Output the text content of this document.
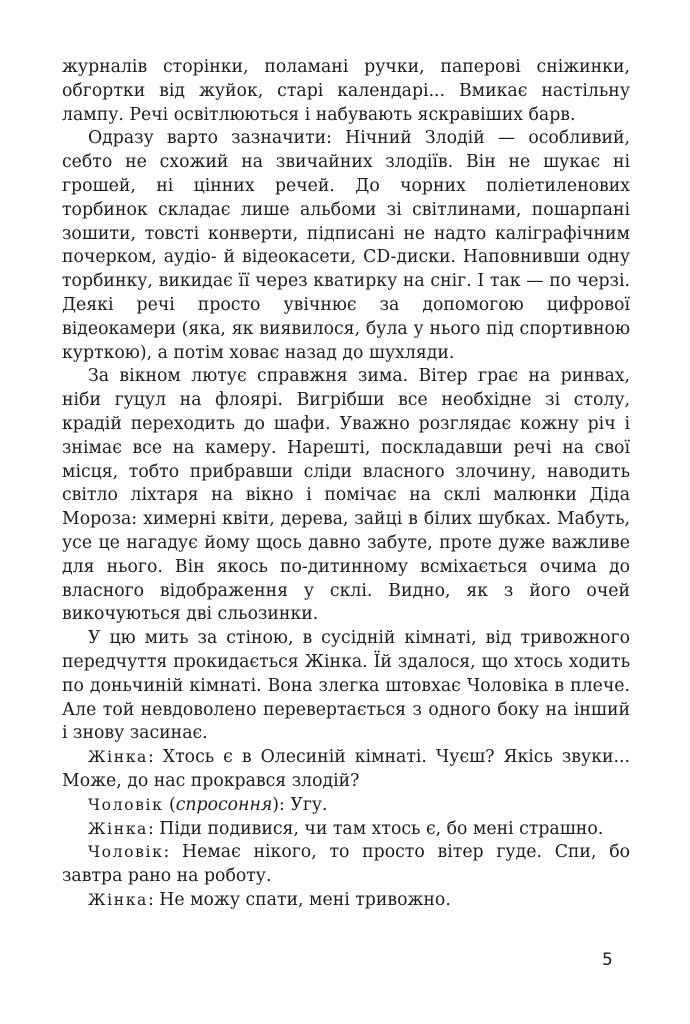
журналів сторінки, поламані ручки, паперові сніжинки, обгортки від жуйок, старі календарі... Вмикає настільну лампу. Речі освітлюються і набувають яскравіших барв.

Одразу варто зазначити: Нічний Злодій — особливий, себто не схожий на звичайних злодіїв. Він не шукає ні грошей, ні цінних речей. До чорних поліетиленових торбинок складає лише альбоми зі світлинами, пошарпані зошити, товсті конверти, підписані не надто каліграфічним почерком, аудіо- й відеокасети, CD-диски. Наповнивши одну торбинку, викидає її через кватирку на сніг. І так — по черзі. Деякі речі просто увічнює за допомогою цифрової відеокамери (яка, як виявилося, була у нього під спортивною курткою), а потім ховає назад до шухляди.

За вікном лютує справжня зима. Вітер грає на ринвах, ніби гуцул на флоярі. Вигрібши все необхідне зі столу, крадій переходить до шафи. Уважно розглядає кожну річ і знімає все на камеру. Нарешті, поскладавши речі на свої місця, тобто прибравши сліди власного злочину, наводить світло ліхтаря на вікно і помічає на склі малюнки Діда Мороза: химерні квіти, дерева, зайці в білих шубках. Мабуть, усе це нагадує йому щось давно забуте, проте дуже важливе для нього. Він якось по-дитинному всміхається очима до власного відображення у склі. Видно, як з його очей викочуються дві сльозинки.

У цю мить за стіною, в сусідній кімнаті, від тривожного передчуття прокидається Жінка. Їй здалося, що хтось ходить по доньчиній кімнаті. Вона злегка штовхає Чоловіка в плече. Але той невдоволено перевертається з одного боку на інший і знову засинає.

Жінка: Хтось є в Олесиній кімнаті. Чуєш? Якісь звуки... Може, до нас прокрався злодій?

Чоловік (спросоння): Угу.

Жінка: Піди подивися, чи там хтось є, бо мені страшно.

Чоловік: Немає нікого, то просто вітер гуде. Спи, бо завтра рано на роботу.

Жінка: Не можу спати, мені тривожно.

5
